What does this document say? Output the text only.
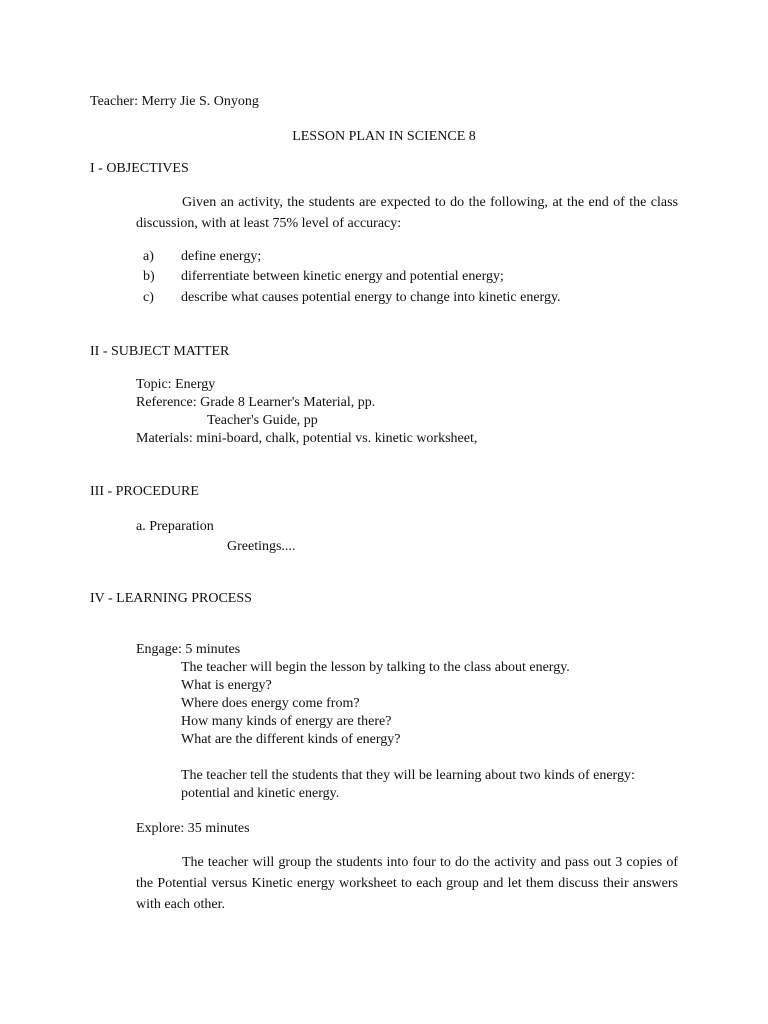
Teacher: Merry Jie S. Onyong

LESSON PLAN IN SCIENCE 8

I - OBJECTIVES

Given an activity, the students are expected to do the following, at the end of the class discussion, with at least 75% level of accuracy:

a) define energy;
b) diferrentiate between kinetic energy and potential energy;
c) describe what causes potential energy to change into kinetic energy.

II - SUBJECT MATTER

Topic: Energy

Reference: Grade 8 Learner's Material, pp.

Teacher's Guide, pp

Materials: mini-board, chalk, potential vs. kinetic worksheet,

III - PROCEDURE

a. Preparation

Greetings....

IV - LEARNING PROCESS

Engage: 5 minutes

The teacher will begin the lesson by talking to the class about energy.

What is energy?

Where does energy come from?

How many kinds of energy are there?

What are the different kinds of energy?

The teacher tell the students that they will be learning about two kinds of energy:

potential and kinetic energy.

Explore: 35 minutes

The teacher will group the students into four to do the activity and pass out 3 copies of the Potential versus Kinetic energy worksheet to each group and let them discuss their answers with each other.
